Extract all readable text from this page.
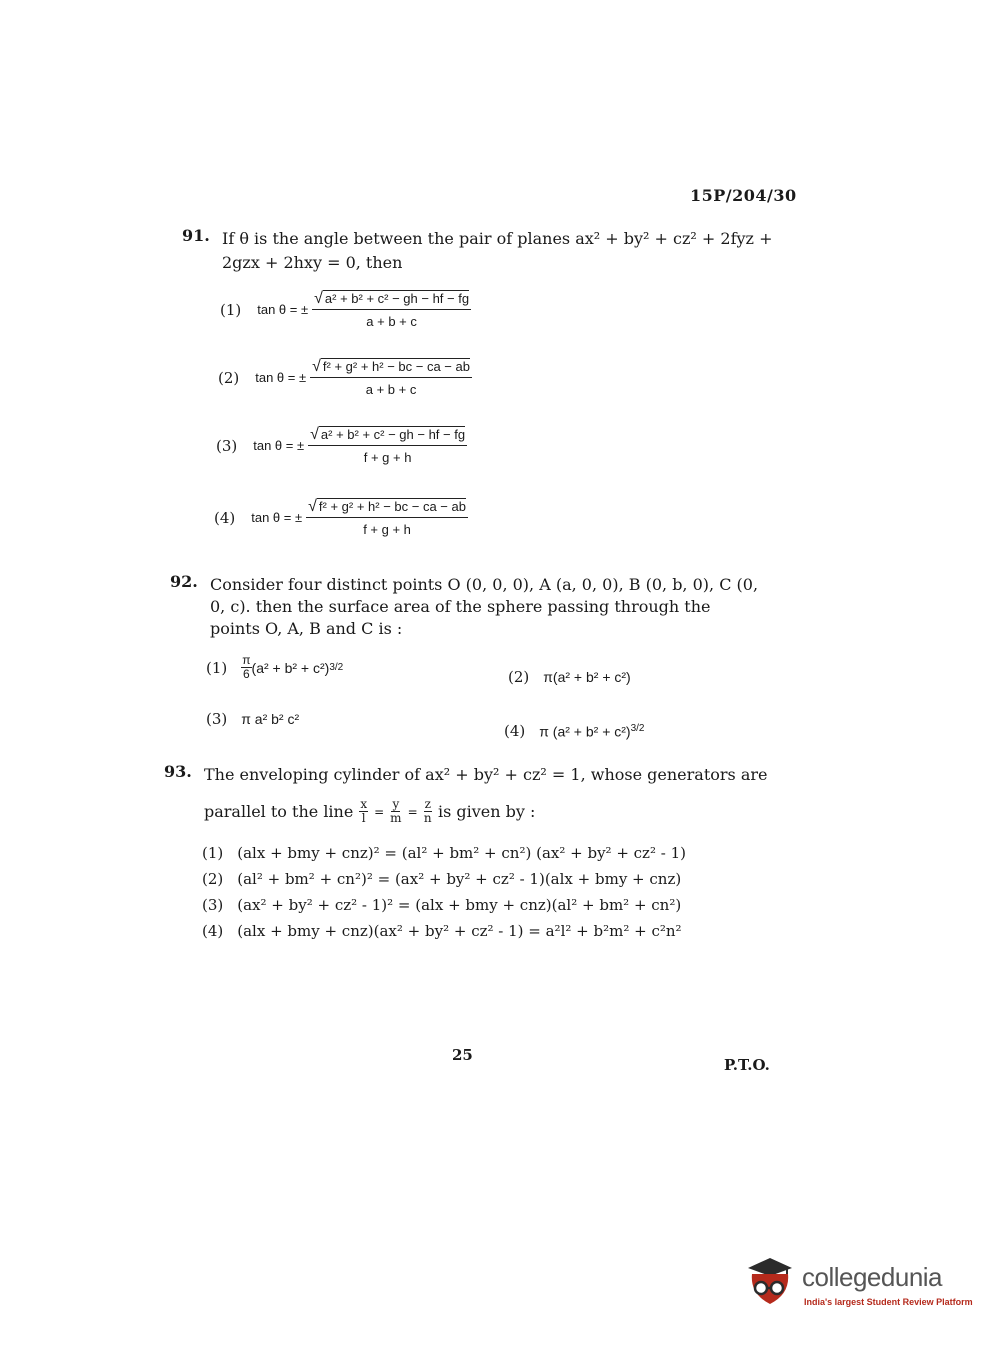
15P/204/30
91. If θ is the angle between the pair of planes ax² + by² + cz² + 2fyz +
2gzx + 2hxy = 0, then
(1) tan θ = ± $\frac{\text{√ a² + b² + c² − gh − hf − fg}}{a + b + c}$
(2) tan θ = ± $\frac{\text{√ f² + g² + h² − bc − ca − ab}}{a + b + c}$
(3) tan θ = ± $\frac{\text{√ a² + b² + c² − gh − hf − fg}}{f + g + h}$
(4) tan θ = ± $\frac{\text{√ f² + g² + h² − bc − ca − ab}}{f + g + h}$
92. Consider four distinct points O (0, 0, 0), A (a, 0, 0), B (0, b, 0), C (0,
0, c). then the surface area of the sphere passing through the
points O, A, B and C is :
$(1) \frac{\pi}{6} (a^2 + b^2 + c^2)$ 3/2
(2) π(a² + b² + c²)
(3) π a² b² c²
(4) π $(a^2 + b^2 + c^2)^{3/2}$
93. The enveloping cylinder of ax² + by² + cz² = 1, whose generators are
parallel to the line $\frac{x}{l} = \frac{y}{m} = \frac{z}{n}$ is given by :
(1) (alx + bmy + cnz)² = (al² + bm² + cn²) (ax² + by² + cz² - 1)
(2) (al² + bm² + cn²)² = (ax² + by² + cz² - 1)(alx + bmy + cnz)
(3) (ax² + by² + cz² - 1)² = (alx + bmy + cnz)(al² + bm² + cn²)
(4) (alx + bmy + cnz)(ax² + by² + cz² - 1) = a²l² + b²m² + c²n²
25
P.T.O.
collegedunia
India's largest Student Review Platform
